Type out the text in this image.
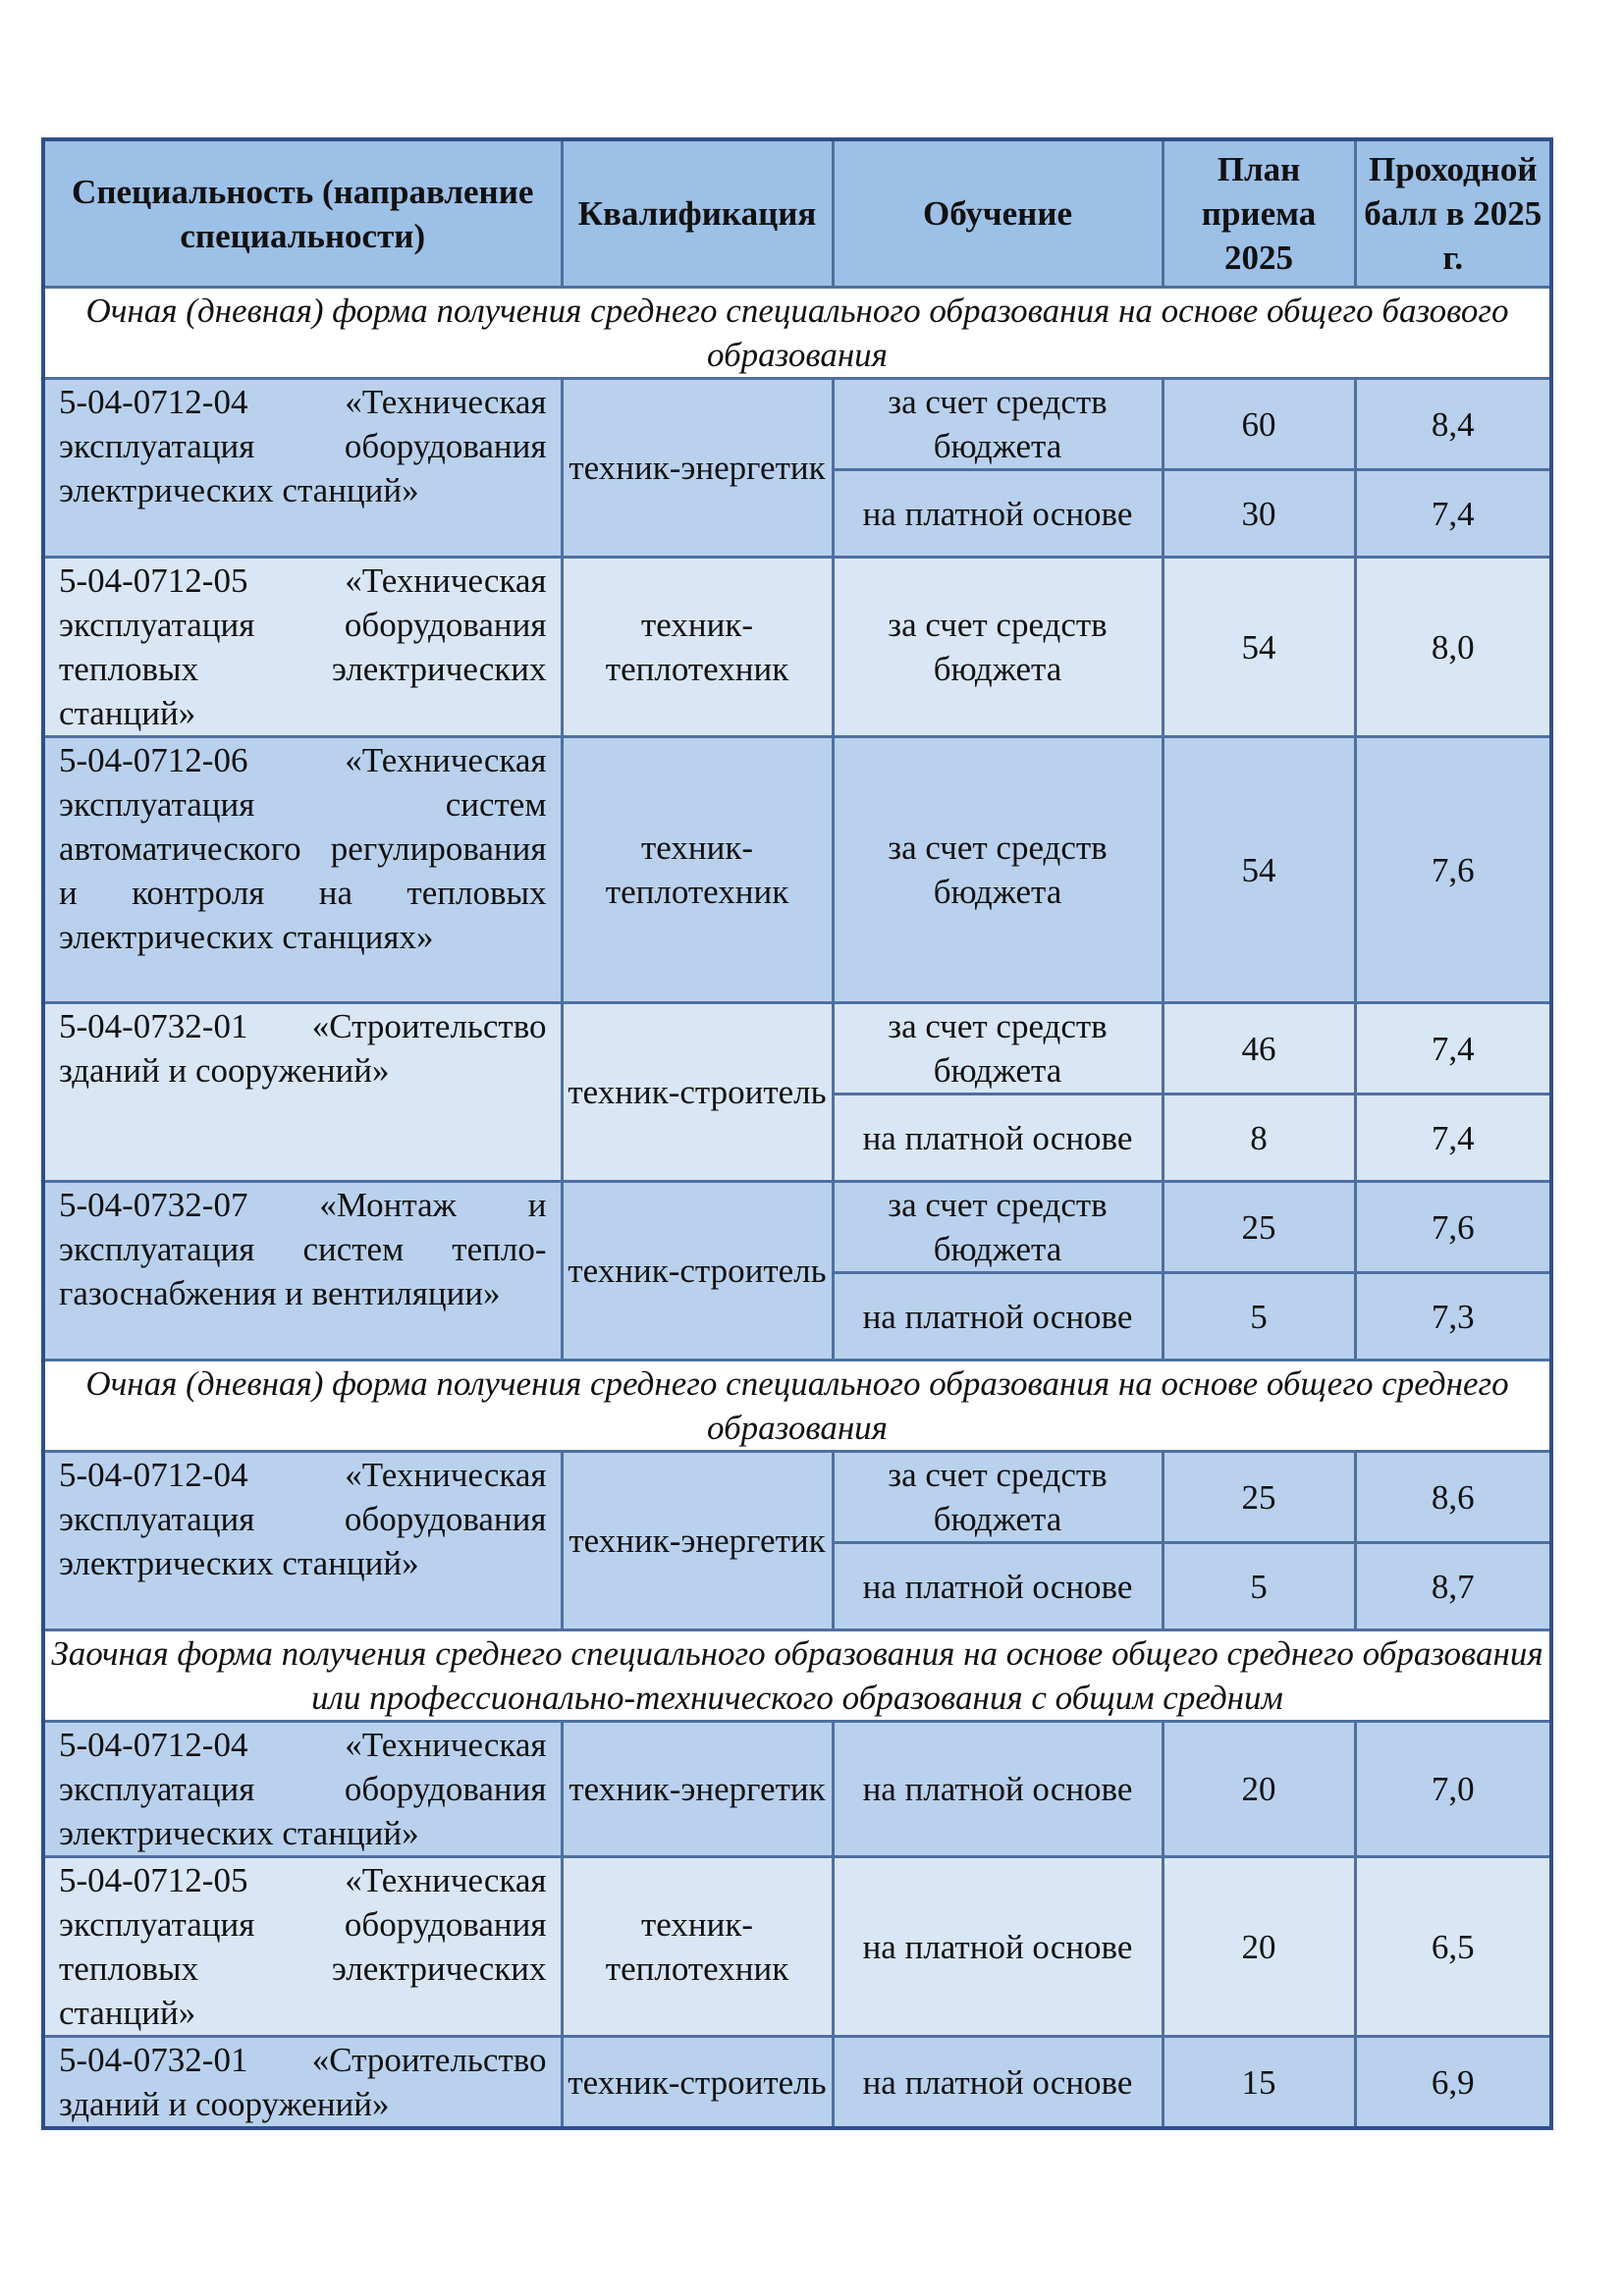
Специальность (направление специальности)	Квалификация	Обучение	План приема 2025	Проходной балл в 2025 г.
Очная (дневная) форма получения среднего специального образования на основе общего базового образования				
5-04-0712-04 «Техническая эксплуатация оборудования электрических станций»	техник-энергетик	за счет средств бюджета	60	8,4
		на платной основе	30	7,4
5-04-0712-05 «Техническая эксплуатация оборудования тепловых электрических станций»	техник-теплотехник	за счет средств бюджета	54	8,0
5-04-0712-06 «Техническая эксплуатация систем автоматического регулирования и контроля на тепловых электрических станциях»	техник-теплотехник	за счет средств бюджета	54	7,6
5-04-0732-01 «Строительство зданий и сооружений»	техник-строитель	за счет средств бюджета	46	7,4
		на платной основе	8	7,4
5-04-0732-07 «Монтаж и эксплуатация систем тепло-газоснабжения и вентиляции»	техник-строитель	за счет средств бюджета	25	7,6
		на платной основе	5	7,3
Очная (дневная) форма получения среднего специального образования на основе общего среднего образования				
5-04-0712-04 «Техническая эксплуатация оборудования электрических станций»	техник-энергетик	за счет средств бюджета	25	8,6
		на платной основе	5	8,7
Заочная форма получения среднего специального образования на основе общего среднего образования или профессионально-технического образования с общим средним				
5-04-0712-04 «Техническая эксплуатация оборудования электрических станций»	техник-энергетик	на платной основе	20	7,0
5-04-0712-05 «Техническая эксплуатация оборудования тепловых электрических станций»	техник-теплотехник	на платной основе	20	6,5
5-04-0732-01 «Строительство зданий и сооружений»	техник-строитель	на платной основе	15	6,9
